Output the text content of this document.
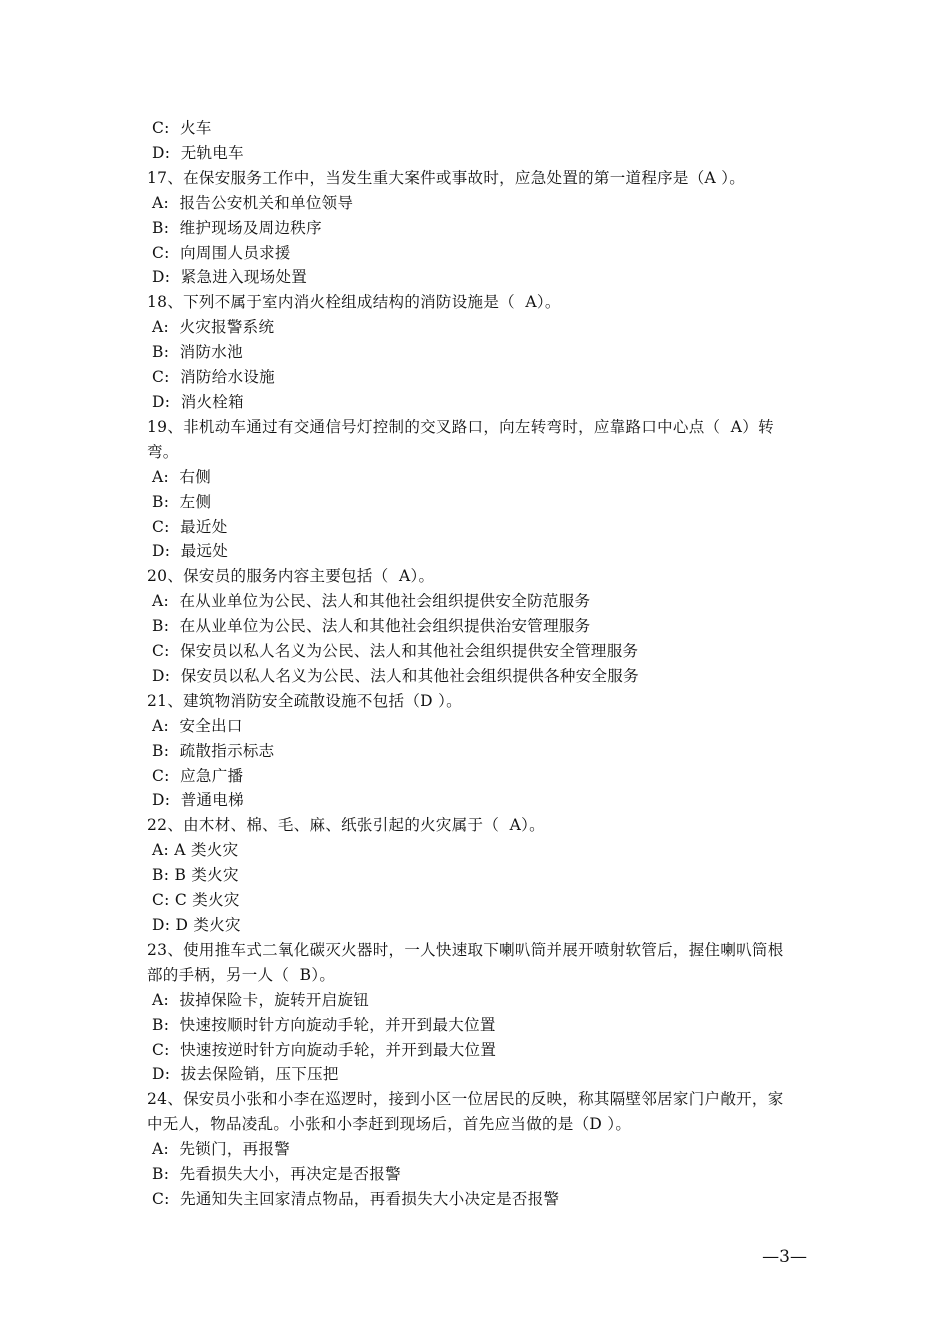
C:  火车
D:  无轨电车
17、在保安服务工作中，当发生重大案件或事故时，应急处置的第一道程序是（A ）。
A:  报告公安机关和单位领导
B:  维护现场及周边秩序
C:  向周围人员求援
D:  紧急进入现场处置
18、下列不属于室内消火栓组成结构的消防设施是（  A）。
A:  火灾报警系统
B:  消防水池
C:  消防给水设施
D:  消火栓箱
19、非机动车通过有交通信号灯控制的交叉路口，向左转弯时，应靠路口中心点（  A）转
弯。
A:  右侧
B:  左侧
C:  最近处
D:  最远处
20、保安员的服务内容主要包括（  A）。
A:  在从业单位为公民、法人和其他社会组织提供安全防范服务
B:  在从业单位为公民、法人和其他社会组织提供治安管理服务
C:  保安员以私人名义为公民、法人和其他社会组织提供安全管理服务
D:  保安员以私人名义为公民、法人和其他社会组织提供各种安全服务
21、建筑物消防安全疏散设施不包括（D ）。
A:  安全出口
B:  疏散指示标志
C:  应急广播
D:  普通电梯
22、由木材、棉、毛、麻、纸张引起的火灾属于（  A）。
A: A 类火灾
B: B 类火灾
C: C 类火灾
D: D 类火灾
23、使用推车式二氧化碳灭火器时，一人快速取下喇叭筒并展开喷射软管后，握住喇叭筒根
部的手柄，另一人（  B）。
A:  拔掉保险卡，旋转开启旋钮
B:  快速按顺时针方向旋动手轮，并开到最大位置
C:  快速按逆时针方向旋动手轮，并开到最大位置
D:  拔去保险销，压下压把
24、保安员小张和小李在巡逻时，接到小区一位居民的反映，称其隔壁邻居家门户敞开，家
中无人，物品凌乱。小张和小李赶到现场后，首先应当做的是（D ）。
A:  先锁门，再报警
B:  先看损失大小，再决定是否报警
C:  先通知失主回家清点物品，再看损失大小决定是否报警
—3—
